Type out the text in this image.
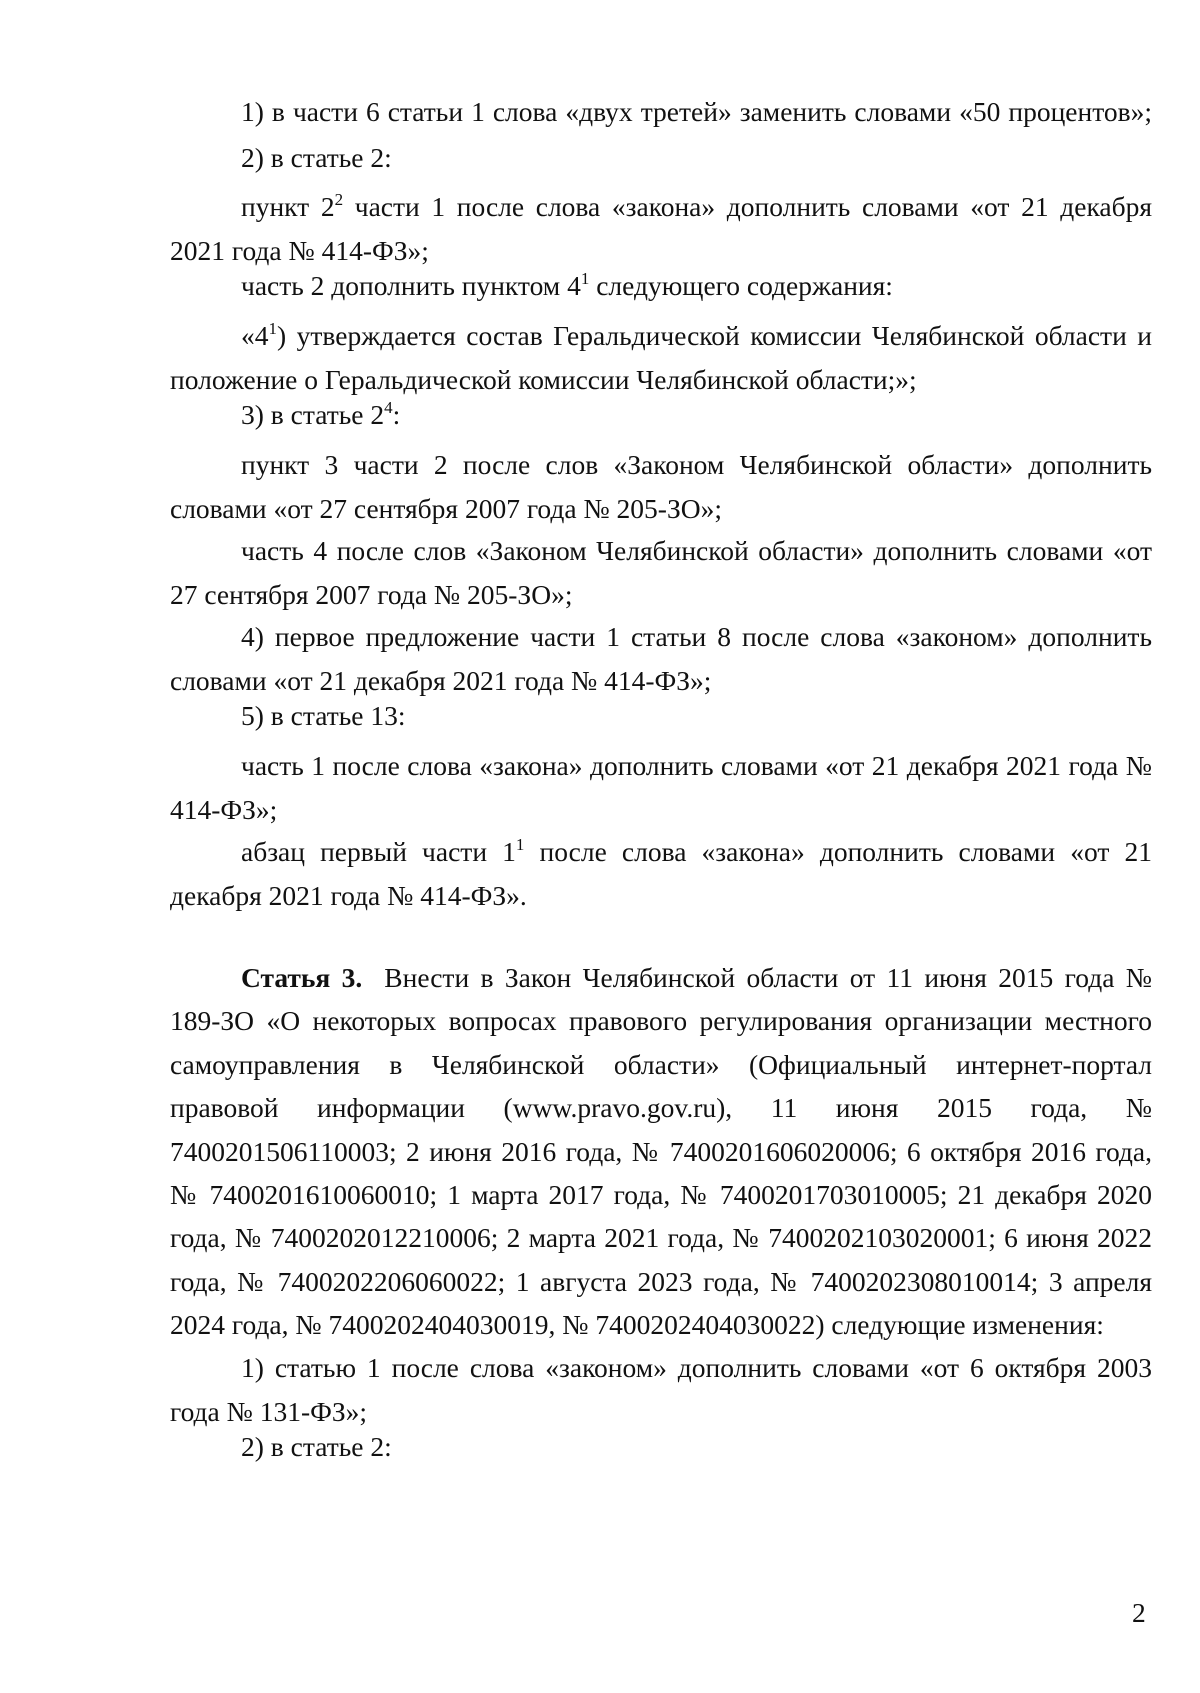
1) в части 6 статьи 1 слова «двух третей» заменить словами «50 процентов»;

2) в статье 2:

пункт $2^2$ части 1 после слова «закона» дополнить словами «от 21 декабря 2021 года № 414-ФЗ»;

часть 2 дополнить пунктом $4^1$ следующего содержания:

«$4^1$) утверждается состав Геральдической комиссии Челябинской области и положение о Геральдической комиссии Челябинской области;»;

3) в статье $2^4$:

пункт 3 части 2 после слов «Законом Челябинской области» дополнить словами «от 27 сентября 2007 года № 205-ЗО»;

часть 4 после слов «Законом Челябинской области» дополнить словами «от 27 сентября 2007 года № 205-ЗО»;

4) первое предложение части 1 статьи 8 после слова «законом» дополнить словами «от 21 декабря 2021 года № 414-ФЗ»;

5) в статье 13:

часть 1 после слова «закона» дополнить словами «от 21 декабря 2021 года № 414-ФЗ»;

абзац первый части $1^1$ после слова «закона» дополнить словами «от 21 декабря 2021 года № 414-ФЗ».

Статья 3. Внести в Закон Челябинской области от 11 июня 2015 года № 189-ЗО «О некоторых вопросах правового регулирования организации местного самоуправления в Челябинской области» (Официальный интернет-портал правовой информации (www.pravo.gov.ru), 11 июня 2015 года, № 7400201506110003; 2 июня 2016 года, № 7400201606020006; 6 октября 2016 года, № 7400201610060010; 1 марта 2017 года, № 7400201703010005; 21 декабря 2020 года, № 7400202012210006; 2 марта 2021 года, № 7400202103020001; 6 июня 2022 года, № 7400202206060022; 1 августа 2023 года, № 7400202308010014; 3 апреля 2024 года, № 7400202404030019, № 7400202404030022) следующие изменения:

1) статью 1 после слова «законом» дополнить словами «от 6 октября 2003 года № 131-ФЗ»;

2) в статье 2:

2
